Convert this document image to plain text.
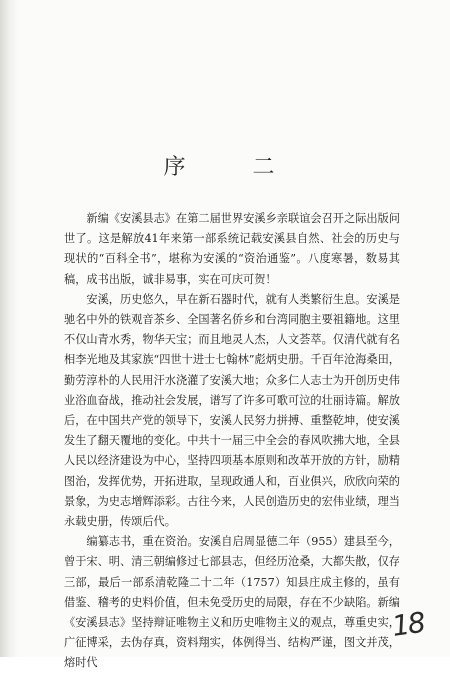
序 二

新编《安溪县志》在第二届世界安溪乡亲联谊会召开之际出版问世了。这是解放41年来第一部系统记载安溪县自然、社会的历史与现状的“百科全书”，堪称为安溪的“资治通鉴”。八度寒暑，数易其稿，成书出版，诚非易事，实在可庆可贺！

安溪，历史悠久，早在新石器时代，就有人类繁衍生息。安溪是驰名中外的铁观音茶乡、全国著名侨乡和台湾同胞主要祖籍地。这里不仅山青水秀，物华天宝；而且地灵人杰，人文荟萃。仅清代就有名相李光地及其家族“四世十进士七翰林”彪炳史册。千百年沧海桑田，勤劳淳朴的人民用汗水浇灌了安溪大地；众多仁人志士为开创历史伟业浴血奋战，推动社会发展，谱写了许多可歌可泣的壮丽诗篇。解放后，在中国共产党的领导下，安溪人民努力拼搏、重整乾坤，使安溪发生了翻天覆地的变化。中共十一届三中全会的春风吹拂大地，全县人民以经济建设为中心，坚持四项基本原则和改革开放的方针，励精图治，发挥优势，开拓进取，呈现政通人和，百业俱兴，欣欣向荣的景象，为史志增辉添彩。古往今来，人民创造历史的宏伟业绩，理当永载史册，传颂后代。

编纂志书，重在资治。安溪自启周显德二年（955）建县至今，曾于宋、明、清三朝编修过七部县志，但经历沧桑，大都失散，仅存三部，最后一部系清乾隆二十二年（1757）知县庄成主修的，虽有借鉴、稽考的史料价值，但未免受历史的局限，存在不少缺陷。新编《安溪县志》坚持辩证唯物主义和历史唯物主义的观点，尊重史实，广征博采，去伪存真，资料翔实，体例得当、结构严谨，图文并茂，熔时代

18
